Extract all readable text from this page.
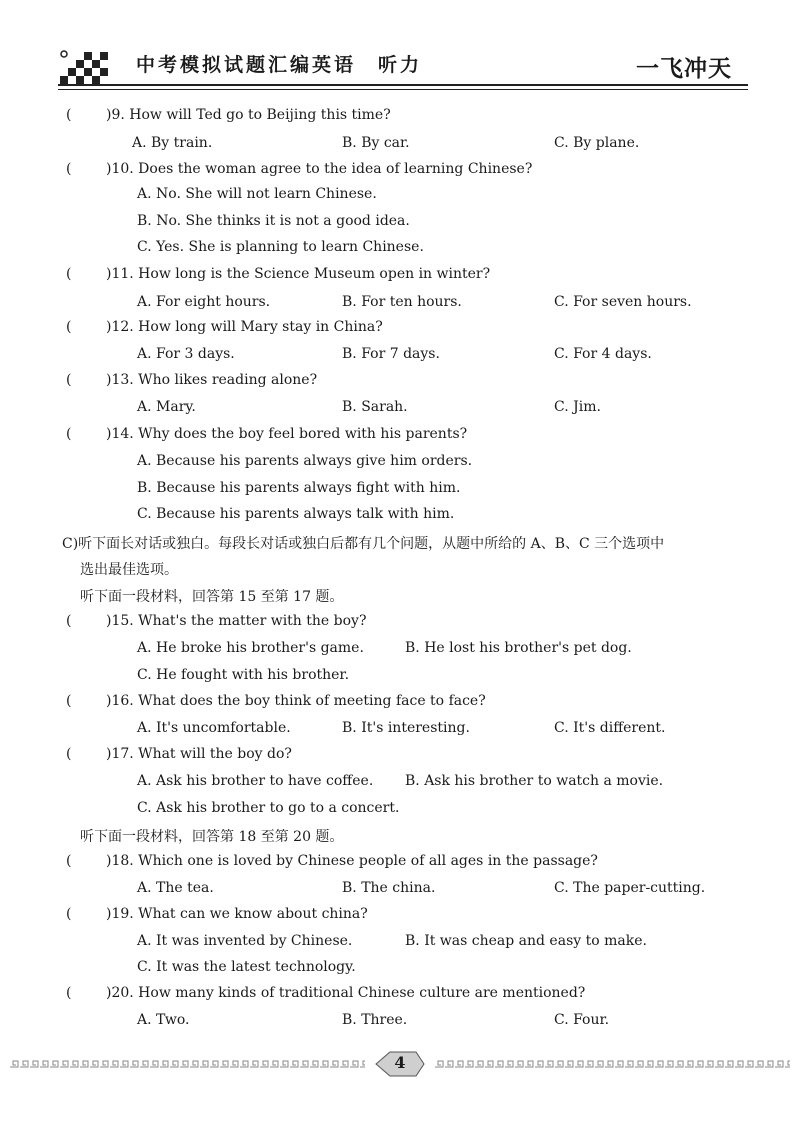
中考模拟试题汇编英语　听力	一飞冲天
( )9. How will Ted go to Beijing this time?
A. By train.	B. By car.	C. By plane.
( )10. Does the woman agree to the idea of learning Chinese?
A. No. She will not learn Chinese.
B. No. She thinks it is not a good idea.
C. Yes. She is planning to learn Chinese.
( )11. How long is the Science Museum open in winter?
A. For eight hours.	B. For ten hours.	C. For seven hours.
( )12. How long will Mary stay in China?
A. For 3 days.	B. For 7 days.	C. For 4 days.
( )13. Who likes reading alone?
A. Mary.	B. Sarah.	C. Jim.
( )14. Why does the boy feel bored with his parents?
A. Because his parents always give him orders.
B. Because his parents always fight with him.
C. Because his parents always talk with him.
C)听下面长对话或独白。每段长对话或独白后都有几个问题，从题中所给的 A、B、C 三个选项中
选出最佳选项。
听下面一段材料，回答第 15 至第 17 题。
( )15. What's the matter with the boy?
A. He broke his brother's game.	B. He lost his brother's pet dog.
C. He fought with his brother.
( )16. What does the boy think of meeting face to face?
A. It's uncomfortable.	B. It's interesting.	C. It's different.
( )17. What will the boy do?
A. Ask his brother to have coffee. B. Ask his brother to watch a movie.
C. Ask his brother to go to a concert.
听下面一段材料，回答第 18 至第 20 题。
( )18. Which one is loved by Chinese people of all ages in the passage?
A. The tea.	B. The china.	C. The paper-cutting.
( )19. What can we know about china?
A. It was invented by Chinese.	B. It was cheap and easy to make.
C. It was the latest technology.
( )20. How many kinds of traditional Chinese culture are mentioned?
A. Two.	B. Three.	C. Four.
4
